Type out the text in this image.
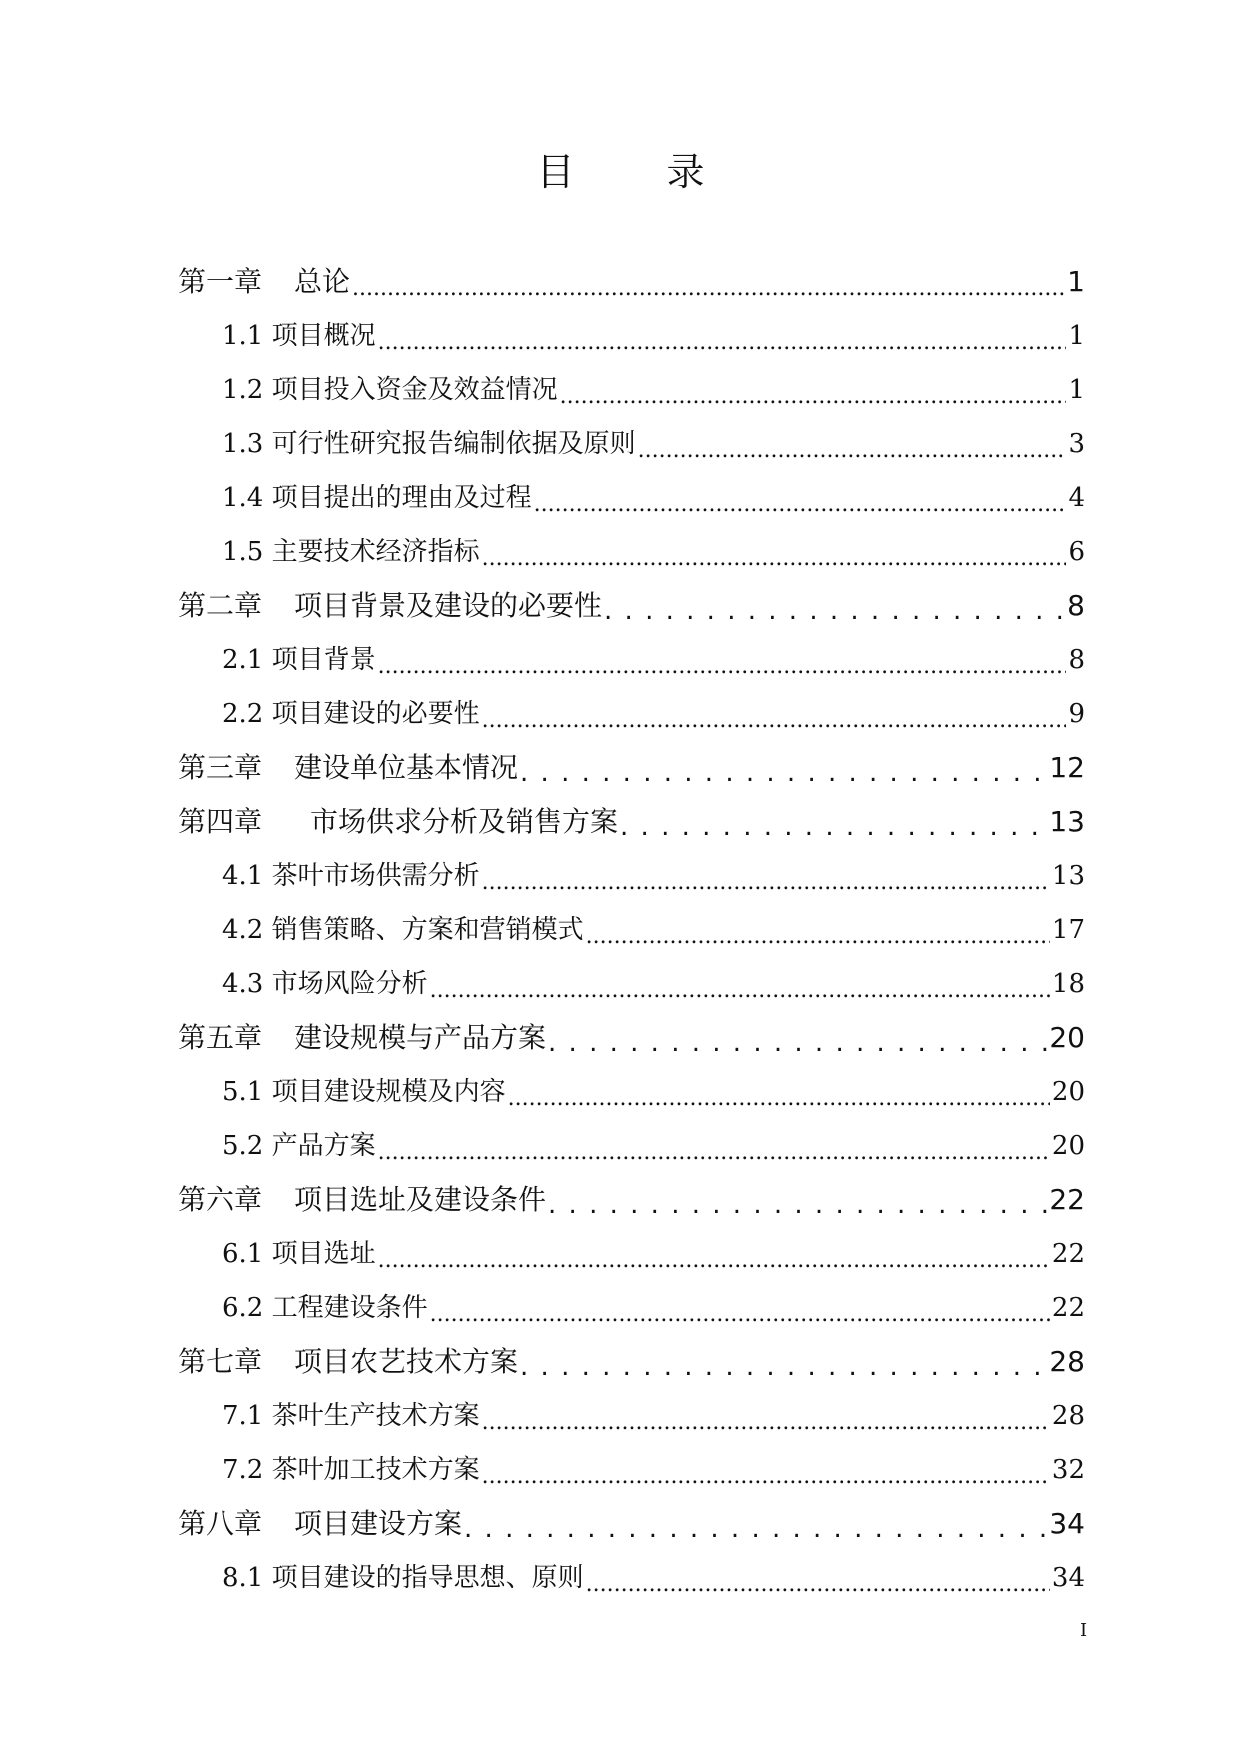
目 录
第一章 总论 .....	1
1.1 项目概况 .....	1
1.2 项目投入资金及效益情况 .....	1
1.3 可行性研究报告编制依据及原则 .....	3
1.4 项目提出的理由及过程 .....	4
1.5 主要技术经济指标 .....	6
第二章 项目背景及建设的必要性 . . .	8
2.1 项目背景 .....	8
2.2 项目建设的必要性 .....	9
第三章 建设单位基本情况 . . .	12
第四章 市场供求分析及销售方案 . . .	13
4.1 茶叶市场供需分析 .....	13
4.2 销售策略、方案和营销模式 .....	17
4.3 市场风险分析 .....	18
第五章 建设规模与产品方案 . . .	20
5.1 项目建设规模及内容 .....	20
5.2 产品方案 .....	20
第六章 项目选址及建设条件 . . .	22
6.1 项目选址 .....	22
6.2 工程建设条件 .....	22
第七章 项目农艺技术方案 . . .	28
7.1 茶叶生产技术方案 .....	28
7.2 茶叶加工技术方案 .....	32
第八章 项目建设方案 . . .	34
8.1 项目建设的指导思想、原则 .....	34
I
